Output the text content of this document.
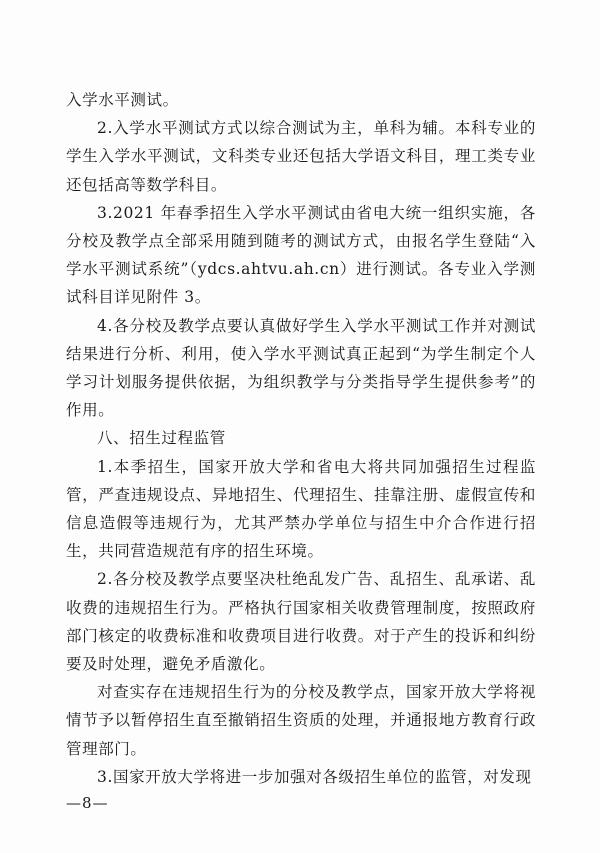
入学水平测试。

2.入学水平测试方式以综合测试为主，单科为辅。本科专业的学生入学水平测试，文科类专业还包括大学语文科目，理工类专业还包括高等数学科目。

3.2021 年春季招生入学水平测试由省电大统一组织实施，各分校及教学点全部采用随到随考的测试方式，由报名学生登陆“入学水平测试系统”（ydcs.ahtvu.ah.cn）进行测试。各专业入学测试科目详见附件 3。

4.各分校及教学点要认真做好学生入学水平测试工作并对测试结果进行分析、利用，使入学水平测试真正起到“为学生制定个人学习计划服务提供依据，为组织教学与分类指导学生提供参考”的作用。

八、招生过程监管

1.本季招生，国家开放大学和省电大将共同加强招生过程监管，严查违规设点、异地招生、代理招生、挂靠注册、虚假宣传和信息造假等违规行为，尤其严禁办学单位与招生中介合作进行招生，共同营造规范有序的招生环境。

2.各分校及教学点要坚决杜绝乱发广告、乱招生、乱承诺、乱收费的违规招生行为。严格执行国家相关收费管理制度，按照政府部门核定的收费标准和收费项目进行收费。对于产生的投诉和纠纷要及时处理，避免矛盾激化。

对查实存在违规招生行为的分校及教学点，国家开放大学将视情节予以暂停招生直至撤销招生资质的处理，并通报地方教育行政管理部门。

3.国家开放大学将进一步加强对各级招生单位的监管，对发现

—8—
